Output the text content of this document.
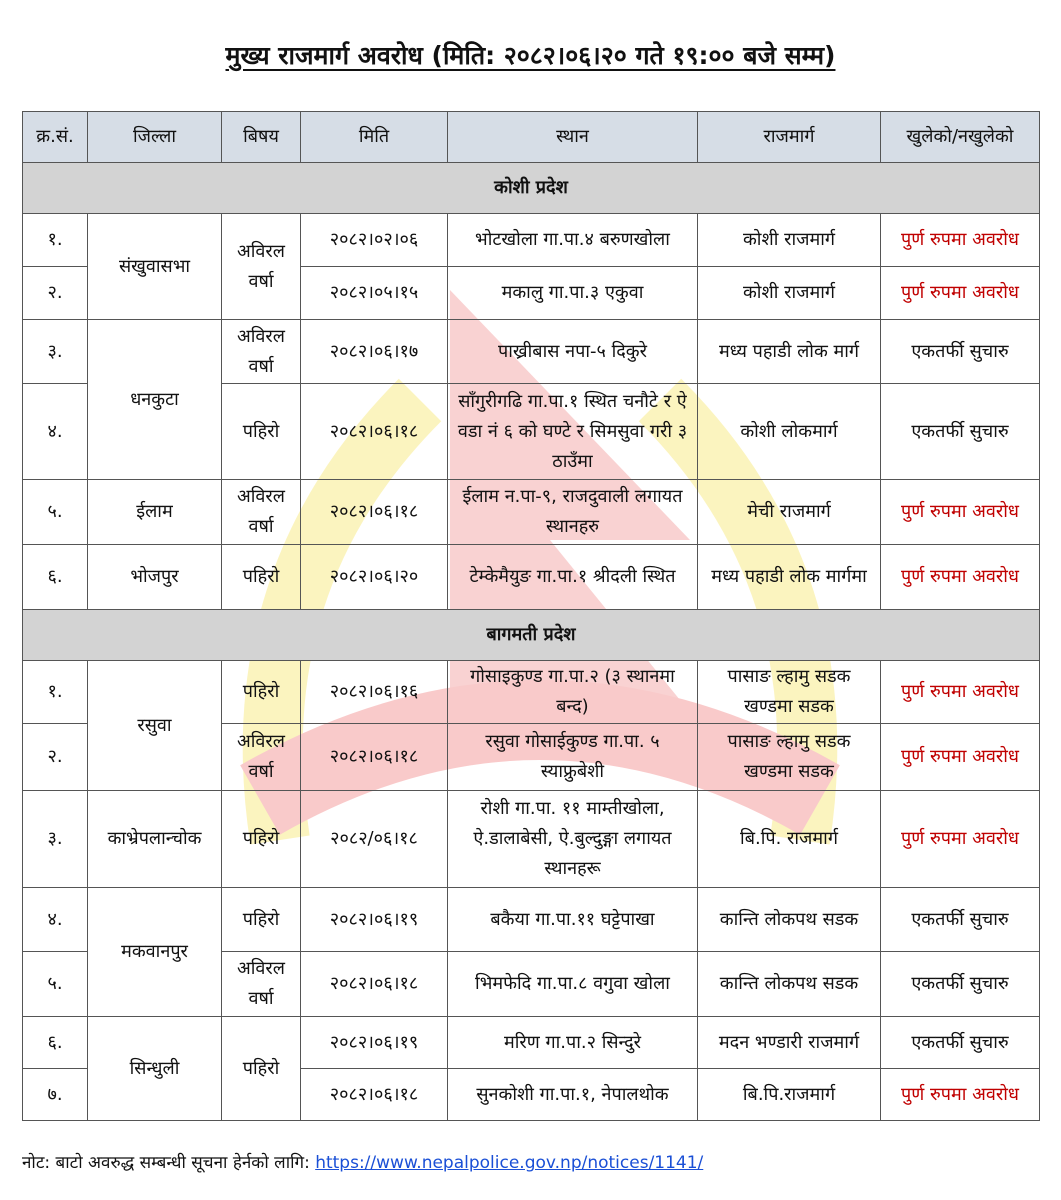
मुख्य राजमार्ग अवरोध (मिति: २०८२।०६।२० गते १९:०० बजे सम्म)
क्र.सं.	जिल्ला	बिषय	मिति	स्थान	राजमार्ग	खुलेको/नखुलेको
कोशी प्रदेश						
१.	संखुवासभा	अविरल वर्षा	२०८२।०२।०६	भोटखोला गा.पा.४ बरुणखोला	कोशी राजमार्ग	पुर्ण रुपमा अवरोध
२.			२०८२।०५।१५	मकालु गा.पा.३ एकुवा	कोशी राजमार्ग	पुर्ण रुपमा अवरोध
३.	धनकुटा	अविरल वर्षा	२०८२।०६।१७	पाख्रीबास नपा-५ दिकुरे	मध्य पहाडी लोक मार्ग	एकतर्फी सुचारु
४.		पहिरो	२०८२।०६।१८	साँगुरीगढि गा.पा.१ स्थित चनौटे र ऐ वडा नं ६ को घण्टे र सिमसुवा गरी ३ ठाउँमा	कोशी लोकमार्ग	एकतर्फी सुचारु
५.	ईलाम	अविरल वर्षा	२०८२।०६।१८	ईलाम न.पा-९, राजदुवाली लगायत स्थानहरु	मेची राजमार्ग	पुर्ण रुपमा अवरोध
६.	भोजपुर	पहिरो	२०८२।०६।२०	टेम्केमैयुङ गा.पा.१ श्रीदली स्थित	मध्य पहाडी लोक मार्गमा	पुर्ण रुपमा अवरोध
बागमती प्रदेश						
१.	रसुवा	पहिरो	२०८२।०६।१६	गोसाइकुण्ड गा.पा.२ (३ स्थानमा बन्द)	पासाङ ल्हामु सडक खण्डमा सडक	पुर्ण रुपमा अवरोध
२.		अविरल वर्षा	२०८२।०६।१८	रसुवा गोसाईकुण्ड गा.पा. ५ स्याफ्रुबेशी	पासाङ ल्हामु सडक खण्डमा सडक	पुर्ण रुपमा अवरोध
३.	काभ्रेपलान्चोक	पहिरो	२०८२/०६।१८	रोशी गा.पा. ११ माम्तीखोला, ऐ.डालाबेसी, ऐ.बुल्दुङ्गा लगायत स्थानहरू	बि.पि. राजमार्ग	पुर्ण रुपमा अवरोध
४.	मकवानपुर	पहिरो	२०८२।०६।१९	बकैया गा.पा.११ घट्टेपाखा	कान्ति लोकपथ सडक	एकतर्फी सुचारु
५.		अविरल वर्षा	२०८२।०६।१८	भिमफेदि गा.पा.८ वगुवा खोला	कान्ति लोकपथ सडक	एकतर्फी सुचारु
६.	सिन्धुली	पहिरो	२०८२।०६।१९	मरिण गा.पा.२ सिन्दुरे	मदन भण्डारी राजमार्ग	एकतर्फी सुचारु
७.			२०८२।०६।१८	सुनकोशी गा.पा.१, नेपालथोक	बि.पि.राजमार्ग	पुर्ण रुपमा अवरोध
नोट: बाटो अवरुद्ध सम्बन्धी सूचना हेर्नको लागि: https://www.nepalpolice.gov.np/notices/1141/
